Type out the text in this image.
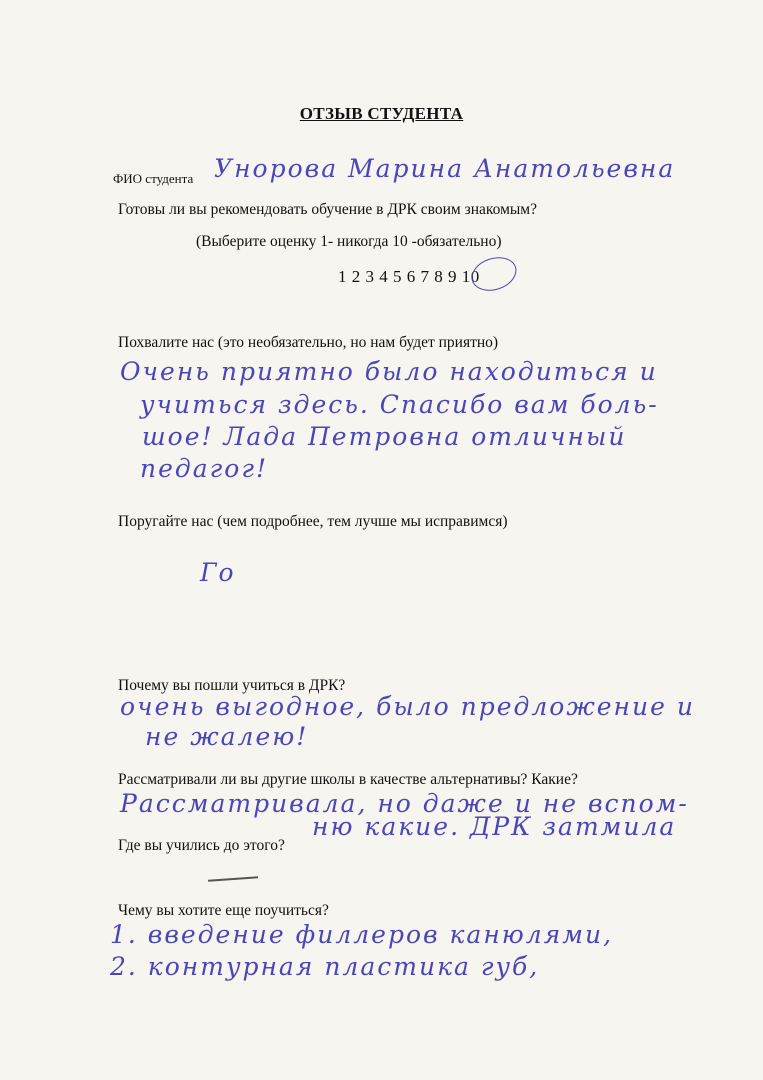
ОТЗЫВ СТУДЕНТА
ФИО студента Унорова Марина Анатольевна
Готовы ли вы рекомендовать обучение в ДРК своим знакомым?
(Выберите оценку 1- никогда 10 -обязательно)
1 2 3 4 5 6 7 8 9 10
Похвалите нас (это необязательно, но нам будет приятно)
Очень приятно было находиться и
учиться здесь. Спасибо вам боль-
шое! Лада Петровна отличный
педагог!
Поругайте нас (чем подробнее, тем лучше мы исправимся)
Го
Почему вы пошли учиться в ДРК?
очень выгодное, было предложение и
не жалею!
Рассматривали ли вы другие школы в качестве альтернативы? Какие?
Рассматривала, но даже и не вспом-
ню какие. ДРК затмила
Где вы учились до этого?
Чему вы хотите еще поучиться?
1. введение филлеров канюлями,
2. контурная пластика губ,
